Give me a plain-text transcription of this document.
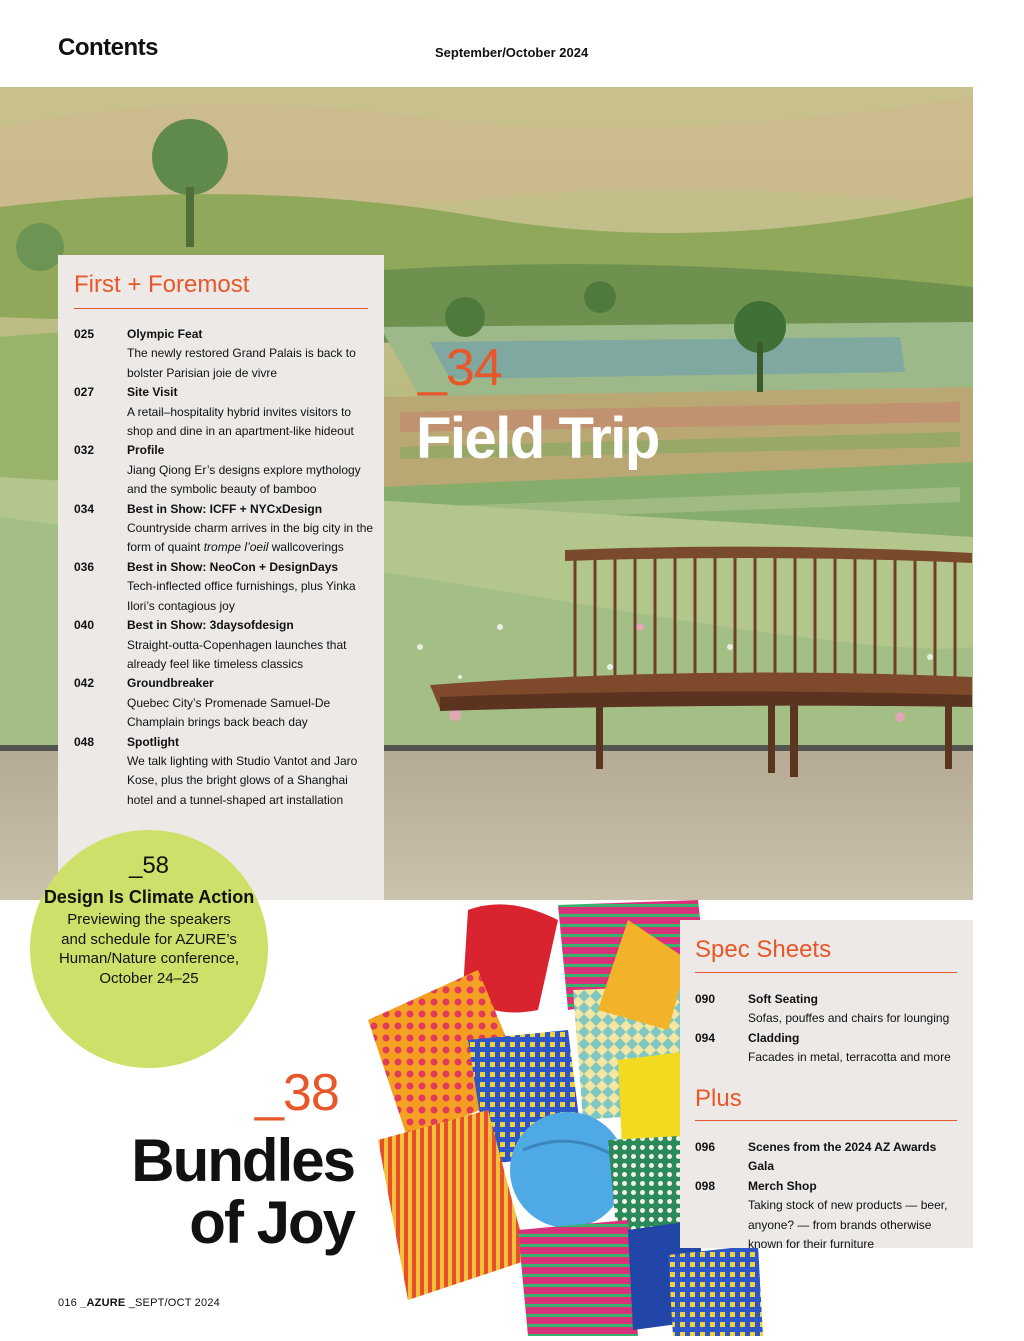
Contents	September/October 2024
_34
Field Trip
First + Foremost
025	Olympic Feat
The newly restored Grand Palais is back to bolster Parisian joie de vivre
027	Site Visit
A retail–hospitality hybrid invites visitors to shop and dine in an apartment-like hideout
032	Profile
Jiang Qiong Er’s designs explore mythology and the symbolic beauty of bamboo
034	Best in Show: ICFF + NYCxDesign
Countryside charm arrives in the big city in the form of quaint trompe l’oeil wallcoverings
036	Best in Show: NeoCon + DesignDays
Tech-inflected office furnishings, plus Yinka Ilori’s contagious joy
040	Best in Show: 3daysofdesign
Straight-outta-Copenhagen launches that already feel like timeless classics
042	Groundbreaker
Quebec City’s Promenade Samuel-De Champlain brings back beach day
048	Spotlight
We talk lighting with Studio Vantot and Jaro Kose, plus the bright glows of a Shanghai hotel and a tunnel-shaped art installation
_58
Design Is Climate Action
Previewing the speakers and schedule for AZURE’s Human/Nature conference, October 24–25
_38
Bundles of Joy
Spec Sheets
090	Soft Seating
Sofas, pouffes and chairs for lounging
094	Cladding
Facades in metal, terracotta and more
Plus
096	Scenes from the 2024 AZ Awards Gala
098	Merch Shop
Taking stock of new products — beer, anyone? — from brands otherwise known for their furniture
016 _AZURE _SEPT/OCT 2024
